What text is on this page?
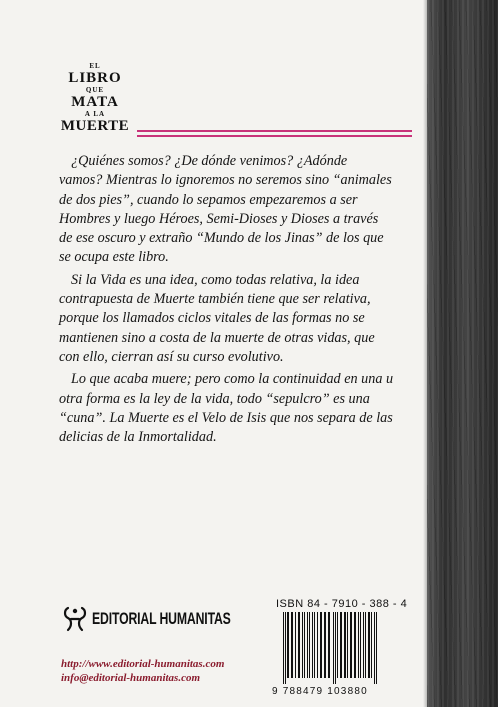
EL
LIBRO
QUE
MATA
A LA
MUERTE

¿Quiénes somos? ¿De dónde venimos? ¿Adónde vamos? Mientras lo ignoremos no seremos sino “animales de dos pies”, cuando lo sepamos empezaremos a ser Hombres y luego Héroes, Semi-Dioses y Dioses a través de ese oscuro y extraño “Mundo de los Jinas” de los que se ocupa este libro.

Si la Vida es una idea, como todas relativa, la idea contrapuesta de Muerte también tiene que ser relativa, porque los llamados ciclos vitales de las formas no se mantienen sino a costa de la muerte de otras vidas, que con ello, cierran así su curso evolutivo.

Lo que acaba muere; pero como la continuidad en una u otra forma es la ley de la vida, todo “sepulcro” es una “cuna”. La Muerte es el Velo de Isis que nos separa de las delicias de la Inmortalidad.

EDITORIAL HUMANITAS
http://www.editorial-humanitas.com
info@editorial-humanitas.com
ISBN 84 - 7910 - 388 - 4
9 788479 103880
